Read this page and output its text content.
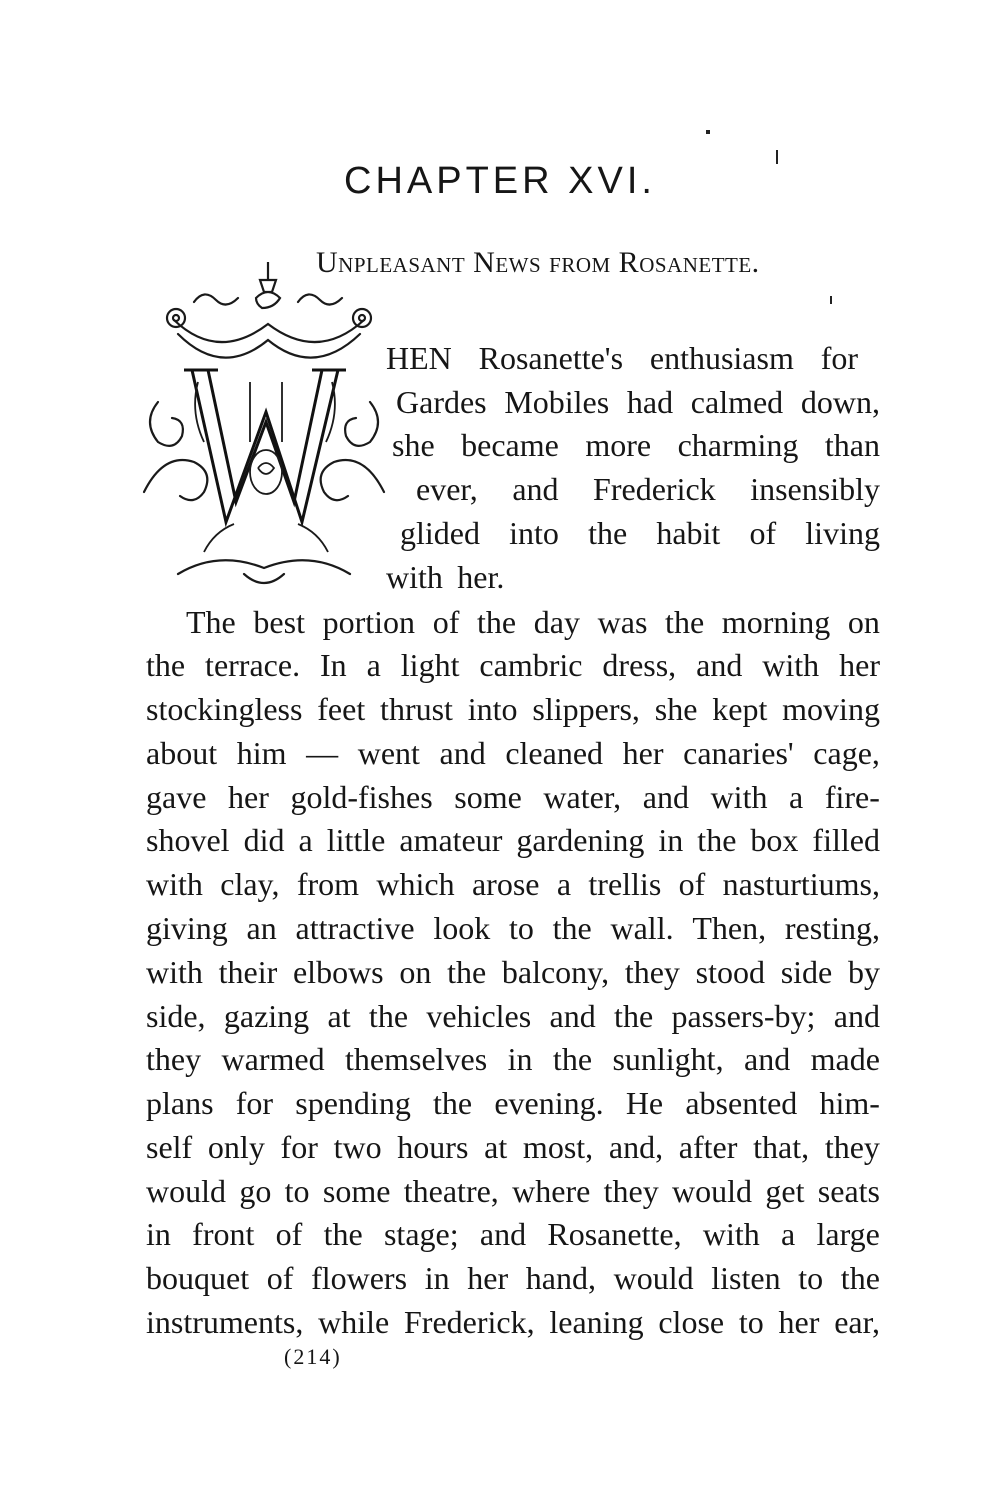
CHAPTER XVI.

Unpleasant News from Rosanette.

HEN Rosanette's enthusiasm for
Gardes Mobiles had calmed down,
she became more charming than
ever, and Frederick insensibly
glided into the habit of living
with her.
The best portion of the day was the morning on
the terrace. In a light cambric dress, and with her
stockingless feet thrust into slippers, she kept moving
about him — went and cleaned her canaries' cage,
gave her gold-fishes some water, and with a fire-
shovel did a little amateur gardening in the box filled
with clay, from which arose a trellis of nasturtiums,
giving an attractive look to the wall. Then, resting,
with their elbows on the balcony, they stood side by
side, gazing at the vehicles and the passers-by; and
they warmed themselves in the sunlight, and made
plans for spending the evening. He absented him-
self only for two hours at most, and, after that, they
would go to some theatre, where they would get seats
in front of the stage; and Rosanette, with a large
bouquet of flowers in her hand, would listen to the
instruments, while Frederick, leaning close to her ear,
(214)
